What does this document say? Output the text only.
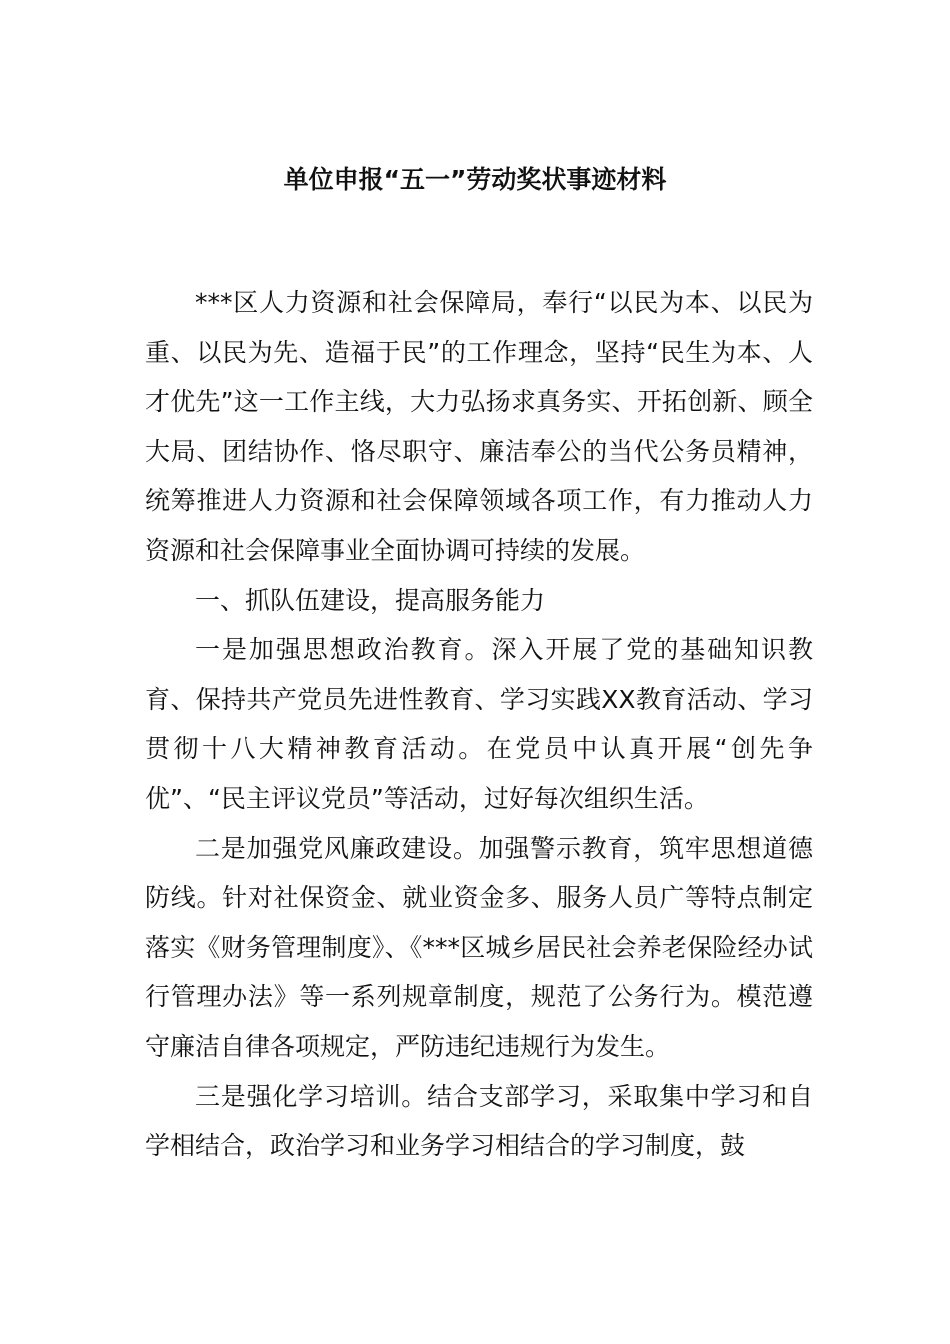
单位申报“五一”劳动奖状事迹材料

***区人力资源和社会保障局，奉行“以民为本、以民为重、以民为先、造福于民”的工作理念，坚持“民生为本、人才优先”这一工作主线，大力弘扬求真务实、开拓创新、顾全大局、团结协作、恪尽职守、廉洁奉公的当代公务员精神，统筹推进人力资源和社会保障领域各项工作，有力推动人力资源和社会保障事业全面协调可持续的发展。

一、抓队伍建设，提高服务能力

一是加强思想政治教育。深入开展了党的基础知识教育、保持共产党员先进性教育、学习实践XX教育活动、学习贯彻十八大精神教育活动。在党员中认真开展“创先争优”、“民主评议党员”等活动，过好每次组织生活。

二是加强党风廉政建设。加强警示教育，筑牢思想道德防线。针对社保资金、就业资金多、服务人员广等特点制定落实《财务管理制度》、《***区城乡居民社会养老保险经办试行管理办法》等一系列规章制度，规范了公务行为。模范遵守廉洁自律各项规定，严防违纪违规行为发生。

三是强化学习培训。结合支部学习，采取集中学习和自学相结合，政治学习和业务学习相结合的学习制度，鼓
